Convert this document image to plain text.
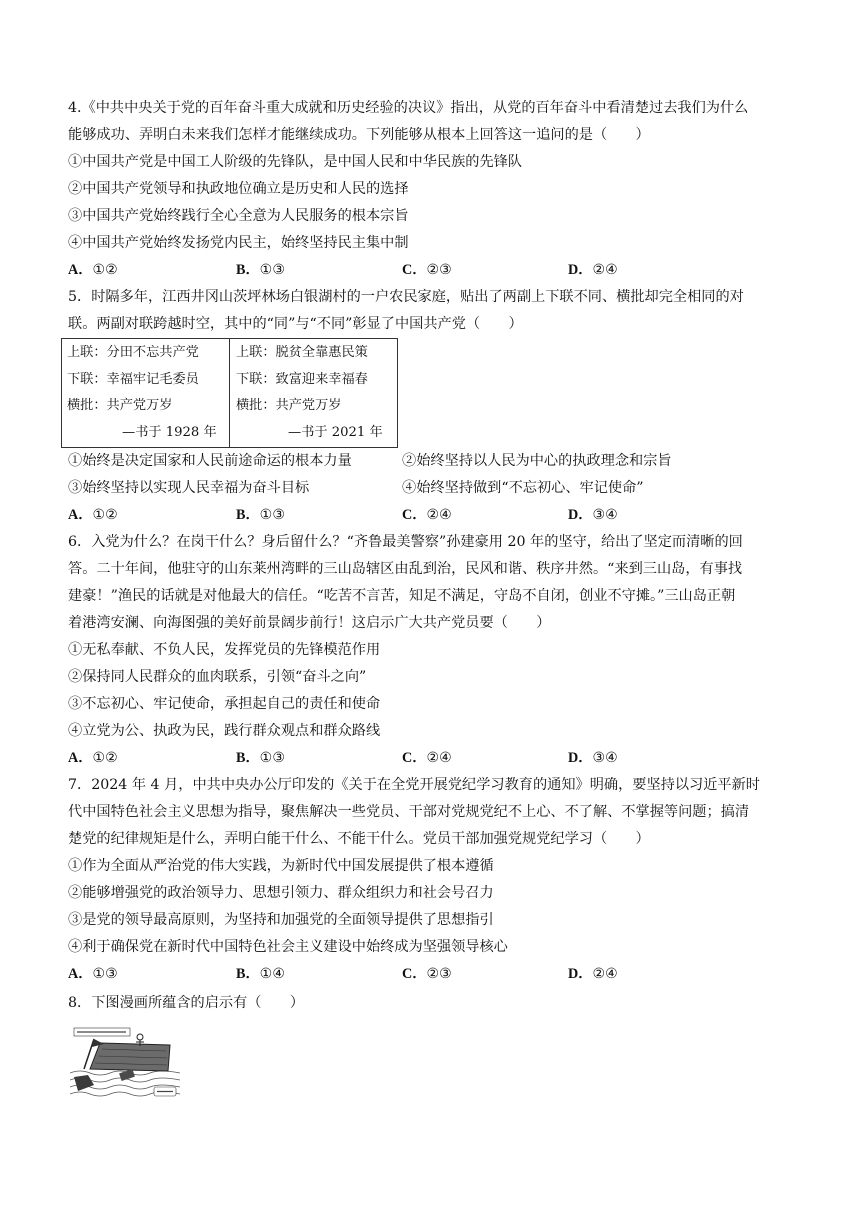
4.《中共中央关于党的百年奋斗重大成就和历史经验的决议》指出，从党的百年奋斗中看清楚过去我们为什么
能够成功、弄明白未来我们怎样才能继续成功。下列能够从根本上回答这一追问的是（　　）
①中国共产党是中国工人阶级的先锋队，是中国人民和中华民族的先锋队
②中国共产党领导和执政地位确立是历史和人民的选择
③中国共产党始终践行全心全意为人民服务的根本宗旨
④中国共产党始终发扬党内民主，始终坚持民主集中制
A．①②	B．①③	C．②③	D．②④
5．时隔多年，江西井冈山茨坪林场白银湖村的一户农民家庭，贴出了两副上下联不同、横批却完全相同的对
联。两副对联跨越时空，其中的“同”与“不同”彰显了中国共产党（　　）
上联：分田不忘共产党
下联：幸福牢记毛委员
横批：共产党万岁
—书于 1928 年
上联：脱贫全靠惠民策
下联：致富迎来幸福春
横批：共产党万岁
—书于 2021 年
①始终是决定国家和人民前途命运的根本力量	②始终坚持以人民为中心的执政理念和宗旨
③始终坚持以实现人民幸福为奋斗目标	④始终坚持做到“不忘初心、牢记使命”
A．①②	B．①③	C．②④	D．③④
6．入党为什么？在岗干什么？身后留什么？“齐鲁最美警察”孙建豪用 20 年的坚守，给出了坚定而清晰的回
答。二十年间，他驻守的山东莱州湾畔的三山岛辖区由乱到治，民风和谐、秩序井然。“来到三山岛，有事找
建豪！”渔民的话就是对他最大的信任。“吃苦不言苦，知足不满足，守岛不自闭，创业不守摊。”三山岛正朝
着港湾安澜、向海图强的美好前景阔步前行！这启示广大共产党员要（　　）
①无私奉献、不负人民，发挥党员的先锋模范作用
②保持同人民群众的血肉联系，引领“奋斗之向”
③不忘初心、牢记使命，承担起自己的责任和使命
④立党为公、执政为民，践行群众观点和群众路线
A．①②	B．①③	C．②④	D．③④
7．2024 年 4 月，中共中央办公厅印发的《关于在全党开展党纪学习教育的通知》明确，要坚持以习近平新时
代中国特色社会主义思想为指导，聚焦解决一些党员、干部对党规党纪不上心、不了解、不掌握等问题；搞清
楚党的纪律规矩是什么，弄明白能干什么、不能干什么。党员干部加强党规党纪学习（　　）
①作为全面从严治党的伟大实践，为新时代中国发展提供了根本遵循
②能够增强党的政治领导力、思想引领力、群众组织力和社会号召力
③是党的领导最高原则，为坚持和加强党的全面领导提供了思想指引
④利于确保党在新时代中国特色社会主义建设中始终成为坚强领导核心
A．①③	B．①④	C．②③	D．②④
8．下图漫画所蕴含的启示有（　　）
